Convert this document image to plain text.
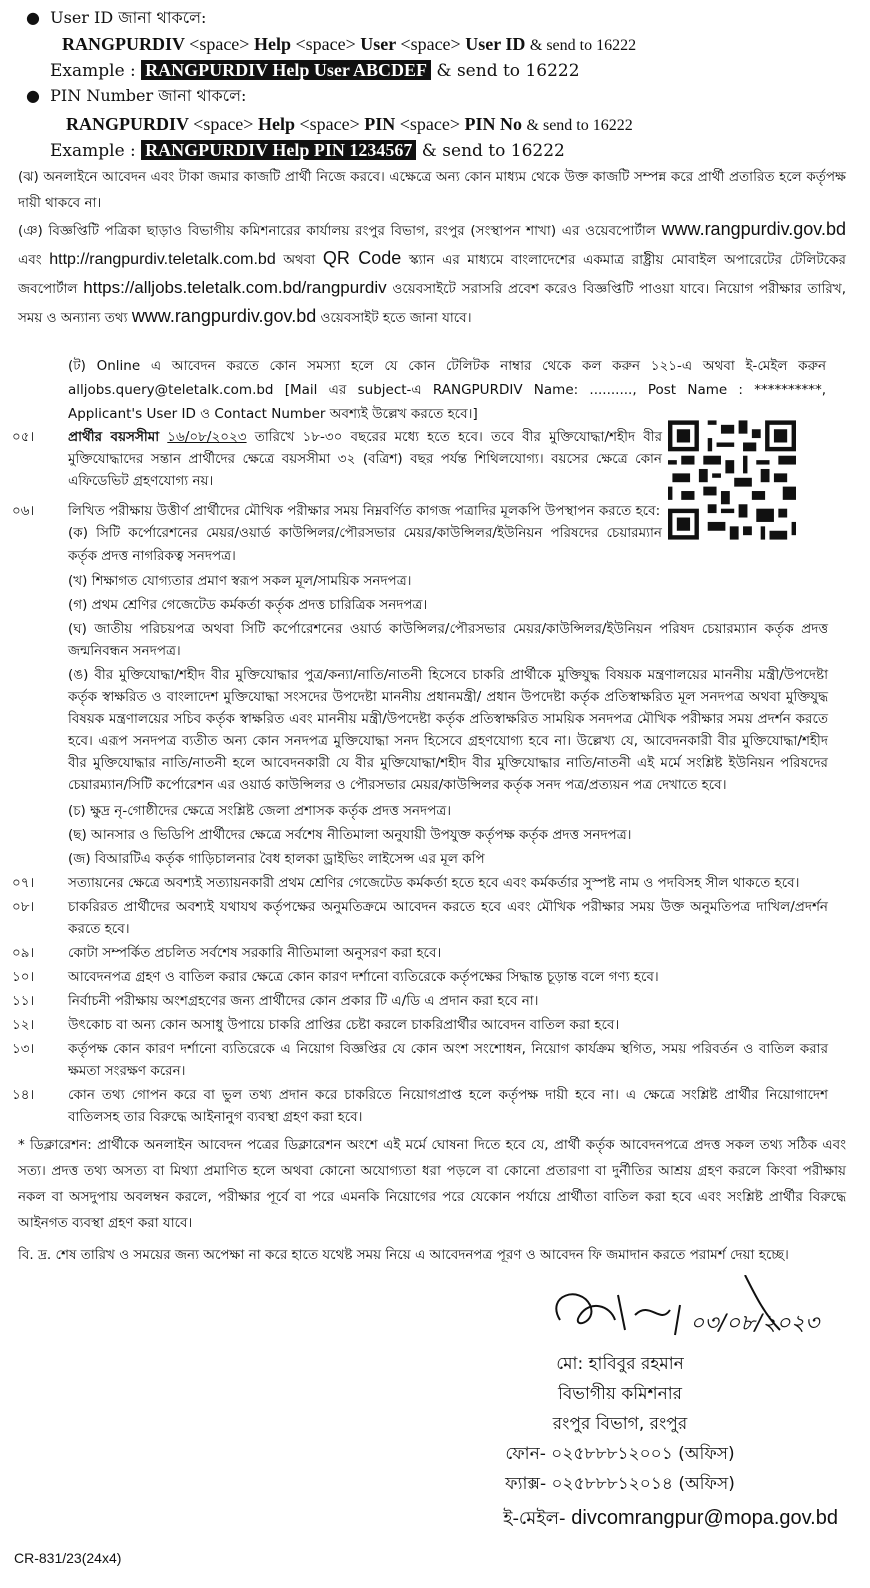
●  User ID জানা থাকলে:
RANGPURDIV <space> Help <space> User <space> User ID & send to 16222
Example : RANGPURDIV Help User ABCDEF & send to 16222
●  PIN Number জানা থাকলে:
RANGPURDIV <space> Help <space> PIN <space> PIN No & send to 16222
Example : RANGPURDIV Help PIN 1234567 & send to 16222
(ঝ) অনলাইনে আবেদন এবং টাকা জমার কাজটি প্রার্থী নিজে করবে। এক্ষেত্রে অন্য কোন মাধ্যম থেকে উক্ত কাজটি সম্পন্ন করে প্রার্থী প্রতারিত হলে কর্তৃপক্ষ দায়ী থাকবে না।
(ঞ) বিজ্ঞপ্তিটি পত্রিকা ছাড়াও বিভাগীয় কমিশনারের কার্যালয় রংপুর বিভাগ, রংপুর (সংস্থাপন শাখা) এর ওয়েবপোর্টাল www.rangpurdiv.gov.bd এবং http://rangpurdiv.teletalk.com.bd অথবা QR Code স্ক্যান এর মাধ্যমে বাংলাদেশের একমাত্র রাষ্ট্রীয় মোবাইল অপারেটের টেলিটকের জবপোর্টাল https://alljobs.teletalk.com.bd/rangpurdiv ওয়েবসাইটে সরাসরি প্রবেশ করেও বিজ্ঞপ্তিটি পাওয়া যাবে। নিয়োগ পরীক্ষার তারিখ, সময় ও অন্যান্য তথ্য www.rangpurdiv.gov.bd ওয়েবসাইট হতে জানা যাবে।
(ট) Online এ আবেদন করতে কোন সমস্যা হলে যে কোন টেলিটক নাম্বার থেকে কল করুন ১২১-এ অথবা ই-মেইল করুন alljobs.query@teletalk.com.bd [Mail এর subject-এ RANGPURDIV Name: .........., Post Name : **********, Applicant's User ID ও Contact Number অবশ্যই উল্লেখ করতে হবে।]
০৫। প্রার্থীর বয়সসীমা ১৬/০৮/২০২৩ তারিখে ১৮-৩০ বছরের মধ্যে হতে হবে। তবে বীর মুক্তিযোদ্ধা/শহীদ বীর মুক্তিযোদ্ধাদের সন্তান প্রার্থীদের ক্ষেত্রে বয়সসীমা ৩২ (বত্রিশ) বছর পর্যন্ত শিথিলযোগ্য। বয়সের ক্ষেত্রে কোন এফিডেভিট গ্রহণযোগ্য নয়।
০৬। লিখিত পরীক্ষায় উত্তীর্ণ প্রার্থীদের মৌখিক পরীক্ষার সময় নিম্নবর্ণিত কাগজ পত্রাদির মূলকপি উপস্থাপন করতে হবে:
(ক) সিটি কর্পোরেশনের মেয়র/ওয়ার্ড কাউন্সিলর/পৌরসভার মেয়র/কাউন্সিলর/ইউনিয়ন পরিষদের চেয়ারম্যান কর্তৃক প্রদত্ত নাগরিকত্ব সনদপত্র।
(খ) শিক্ষাগত যোগ্যতার প্রমাণ স্বরূপ সকল মূল/সাময়িক সনদপত্র।
(গ) প্রথম শ্রেণির গেজেটেড কর্মকর্তা কর্তৃক প্রদত্ত চারিত্রিক সনদপত্র।
(ঘ) জাতীয় পরিচয়পত্র অথবা সিটি কর্পোরেশনের ওয়ার্ড কাউন্সিলর/পৌরসভার মেয়র/কাউন্সিলর/ইউনিয়ন পরিষদ চেয়ারম্যান কর্তৃক প্রদত্ত জন্মনিবন্ধন সনদপত্র।
(ঙ) বীর মুক্তিযোদ্ধা/শহীদ বীর মুক্তিযোদ্ধার পুত্র/কন্যা/নাতি/নাতনী হিসেবে চাকরি প্রার্থীকে মুক্তিযুদ্ধ বিষয়ক মন্ত্রণালয়ের মাননীয় মন্ত্রী/উপদেষ্টা কর্তৃক স্বাক্ষরিত ও বাংলাদেশ মুক্তিযোদ্ধা সংসদের উপদেষ্টা মাননীয় প্রধানমন্ত্রী/ প্রধান উপদেষ্টা কর্তৃক প্রতিস্বাক্ষরিত মূল সনদপত্র অথবা মুক্তিযুদ্ধ বিষয়ক মন্ত্রণালয়ের সচিব কর্তৃক স্বাক্ষরিত এবং মাননীয় মন্ত্রী/উপদেষ্টা কর্তৃক প্রতিস্বাক্ষরিত সাময়িক সনদপত্র মৌখিক পরীক্ষার সময় প্রদর্শন করতে হবে। এরূপ সনদপত্র ব্যতীত অন্য কোন সনদপত্র মুক্তিযোদ্ধা সনদ হিসেবে গ্রহণযোগ্য হবে না। উল্লেখ্য যে, আবেদনকারী বীর মুক্তিযোদ্ধা/শহীদ বীর মুক্তিযোদ্ধার নাতি/নাতনী হলে আবেদনকারী যে বীর মুক্তিযোদ্ধা/শহীদ বীর মুক্তিযোদ্ধার নাতি/নাতনী এই মর্মে সংশ্লিষ্ট ইউনিয়ন পরিষদের চেয়ারম্যান/সিটি কর্পোরেশন এর ওয়ার্ড কাউন্সিলর ও পৌরসভার মেয়র/কাউন্সিলর কর্তৃক সনদ পত্র/প্রত্যয়ন পত্র দেখাতে হবে।
(চ) ক্ষুদ্র নৃ-গোষ্ঠীদের ক্ষেত্রে সংশ্লিষ্ট জেলা প্রশাসক কর্তৃক প্রদত্ত সনদপত্র।
(ছ) আনসার ও ভিডিপি প্রার্থীদের ক্ষেত্রে সর্বশেষ নীতিমালা অনুযায়ী উপযুক্ত কর্তৃপক্ষ কর্তৃক প্রদত্ত সনদপত্র।
(জ) বিআরটিএ কর্তৃক গাড়িচালনার বৈধ হালকা ড্রাইভিং লাইসেন্স এর মূল কপি
০৭। সত্যায়নের ক্ষেত্রে অবশ্যই সত্যায়নকারী প্রথম শ্রেণির গেজেটেড কর্মকর্তা হতে হবে এবং কর্মকর্তার সুস্পষ্ট নাম ও পদবিসহ সীল থাকতে হবে।
০৮। চাকরিরত প্রার্থীদের অবশ্যই যথাযথ কর্তৃপক্ষের অনুমতিক্রমে আবেদন করতে হবে এবং মৌখিক পরীক্ষার সময় উক্ত অনুমতিপত্র দাখিল/প্রদর্শন করতে হবে।
০৯। কোটা সম্পর্কিত প্রচলিত সর্বশেষ সরকারি নীতিমালা অনুসরণ করা হবে।
১০। আবেদনপত্র গ্রহণ ও বাতিল করার ক্ষেত্রে কোন কারণ দর্শানো ব্যতিরেকে কর্তৃপক্ষের সিদ্ধান্ত চূড়ান্ত বলে গণ্য হবে।
১১। নির্বাচনী পরীক্ষায় অংশগ্রহণের জন্য প্রার্থীদের কোন প্রকার টি এ/ডি এ প্রদান করা হবে না।
১২। উৎকোচ বা অন্য কোন অসাধু উপায়ে চাকরি প্রাপ্তির চেষ্টা করলে চাকরিপ্রার্থীর আবেদন বাতিল করা হবে।
১৩। কর্তৃপক্ষ কোন কারণ দর্শানো ব্যতিরেকে এ নিয়োগ বিজ্ঞপ্তির যে কোন অংশ সংশোধন, নিয়োগ কার্যক্রম স্থগিত, সময় পরিবর্তন ও বাতিল করার ক্ষমতা সংরক্ষণ করেন।
১৪। কোন তথ্য গোপন করে বা ভুল তথ্য প্রদান করে চাকরিতে নিয়োগপ্রাপ্ত হলে কর্তৃপক্ষ দায়ী হবে না। এ ক্ষেত্রে সংশ্লিষ্ট প্রার্থীর নিয়োগাদেশ বাতিলসহ তার বিরুদ্ধে আইনানুগ ব্যবস্থা গ্রহণ করা হবে।
* ডিক্লারেশন: প্রার্থীকে অনলাইন আবেদন পত্রের ডিক্লারেশন অংশে এই মর্মে ঘোষনা দিতে হবে যে, প্রার্থী কর্তৃক আবেদনপত্রে প্রদত্ত সকল তথ্য সঠিক এবং সত্য। প্রদত্ত তথ্য অসত্য বা মিথ্যা প্রমাণিত হলে অথবা কোনো অযোগ্যতা ধরা পড়লে বা কোনো প্রতারণা বা দুর্নীতির আশ্রয় গ্রহণ করলে কিংবা পরীক্ষায় নকল বা অসদুপায় অবলম্বন করলে, পরীক্ষার পূর্বে বা পরে এমনকি নিয়োগের পরে যেকোন পর্যায়ে প্রার্থীতা বাতিল করা হবে এবং সংশ্লিষ্ট প্রার্থীর বিরুদ্ধে আইনগত ব্যবস্থা গ্রহণ করা যাবে।
বি. দ্র. শেষ তারিখ ও সময়ের জন্য অপেক্ষা না করে হাতে যথেষ্ট সময় নিয়ে এ আবেদনপত্র পূরণ ও আবেদন ফি জমাদান করতে পরামর্শ দেয়া হচ্ছে।
০৩/০৮/২০২৩
মো: হাবিবুর রহমান
বিভাগীয় কমিশনার
রংপুর বিভাগ, রংপুর
ফোন- ০২৫৮৮৮১২০০১ (অফিস)
ফ্যাক্স- ০২৫৮৮৮১২০১৪ (অফিস)
ই-মেইল- divcomrangpur@mopa.gov.bd
CR-831/23(24x4)
